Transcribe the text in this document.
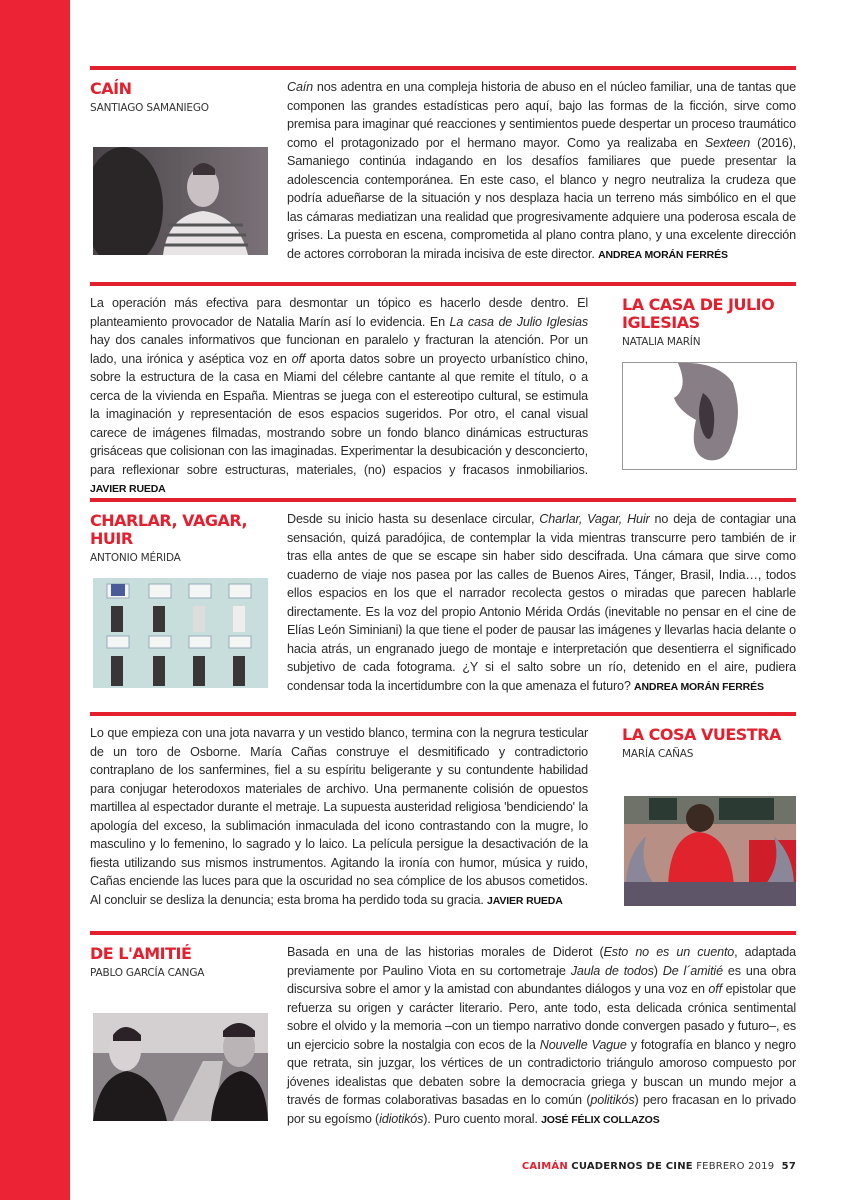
CAÍN
SANTIAGO SAMANIEGO

Caín nos adentra en una compleja historia de abuso en el núcleo familiar, una de tantas que componen las grandes estadísticas pero aquí, bajo las formas de la ficción, sirve como premisa para imaginar qué reacciones y sentimientos puede despertar un proceso traumático como el protagonizado por el hermano mayor. Como ya realizaba en Sexteen (2016), Samaniego continúa indagando en los desafíos familiares que puede presentar la adolescencia contemporánea. En este caso, el blanco y negro neutraliza la crudeza que podría adueñarse de la situación y nos desplaza hacia un terreno más simbólico en el que las cámaras mediatizan una realidad que progresivamente adquiere una poderosa escala de grises. La puesta en escena, comprometida al plano contra plano, y una excelente dirección de actores corroboran la mirada incisiva de este director. ANDREA MORÁN FERRÉS

La operación más efectiva para desmontar un tópico es hacerlo desde dentro. El planteamiento provocador de Natalia Marín así lo evidencia. En La casa de Julio Iglesias hay dos canales informativos que funcionan en paralelo y fracturan la atención. Por un lado, una irónica y aséptica voz en off aporta datos sobre un proyecto urbanístico chino, sobre la estructura de la casa en Miami del célebre cantante al que remite el título, o a cerca de la vivienda en España. Mientras se juega con el estereotipo cultural, se estimula la imaginación y representación de esos espacios sugeridos. Por otro, el canal visual carece de imágenes filmadas, mostrando sobre un fondo blanco dinámicas estructuras grisáceas que colisionan con las imaginadas. Experimentar la desubicación y desconcierto, para reflexionar sobre estructuras, materiales, (no) espacios y fracasos inmobiliarios. JAVIER RUEDA

LA CASA DE JULIO IGLESIAS
NATALIA MARÍN
CHARLAR, VAGAR, HUIR
ANTONIO MÉRIDA

Desde su inicio hasta su desenlace circular, Charlar, Vagar, Huir no deja de contagiar una sensación, quizá paradójica, de contemplar la vida mientras transcurre pero también de ir tras ella antes de que se escape sin haber sido descifrada. Una cámara que sirve como cuaderno de viaje nos pasea por las calles de Buenos Aires, Tánger, Brasil, India…, todos ellos espacios en los que el narrador recolecta gestos o miradas que parecen hablarle directamente. Es la voz del propio Antonio Mérida Ordás (inevitable no pensar en el cine de Elías León Siminiani) la que tiene el poder de pausar las imágenes y llevarlas hacia delante o hacia atrás, un engranado juego de montaje e interpretación que desentierra el significado subjetivo de cada fotograma. ¿Y si el salto sobre un río, detenido en el aire, pudiera condensar toda la incertidumbre con la que amenaza el futuro? ANDREA MORÁN FERRÉS

Lo que empieza con una jota navarra y un vestido blanco, termina con la negrura testicular de un toro de Osborne. María Cañas construye el desmitificado y contradictorio contraplano de los sanfermines, fiel a su espíritu beligerante y su contundente habilidad para conjugar heterodoxos materiales de archivo. Una permanente colisión de opuestos martillea al espectador durante el metraje. La supuesta austeridad religiosa 'bendiciendo' la apología del exceso, la sublimación inmaculada del icono contrastando con la mugre, lo masculino y lo femenino, lo sagrado y lo laico. La película persigue la desactivación de la fiesta utilizando sus mismos instrumentos. Agitando la ironía con humor, música y ruido, Cañas enciende las luces para que la oscuridad no sea cómplice de los abusos cometidos. Al concluir se desliza la denuncia; esta broma ha perdido toda su gracia. JAVIER RUEDA

LA COSA VUESTRA
MARÍA CAÑAS
DE L'AMITIÉ
PABLO GARCÍA CANGA

Basada en una de las historias morales de Diderot (Esto no es un cuento, adaptada previamente por Paulino Viota en su cortometraje Jaula de todos) De l´amitié es una obra discursiva sobre el amor y la amistad con abundantes diálogos y una voz en off epistolar que refuerza su origen y carácter literario. Pero, ante todo, esta delicada crónica sentimental sobre el olvido y la memoria –con un tiempo narrativo donde convergen pasado y futuro–, es un ejercicio sobre la nostalgia con ecos de la Nouvelle Vague y fotografía en blanco y negro que retrata, sin juzgar, los vértices de un contradictorio triángulo amoroso compuesto por jóvenes idealistas que debaten sobre la democracia griega y buscan un mundo mejor a través de formas colaborativas basadas en lo común (politikós) pero fracasan en lo privado por su egoísmo (idiotikós). Puro cuento moral. JOSÉ FÉLIX COLLAZOS

CAIMÁN CUADERNOS DE CINE FEBRERO 2019 57
